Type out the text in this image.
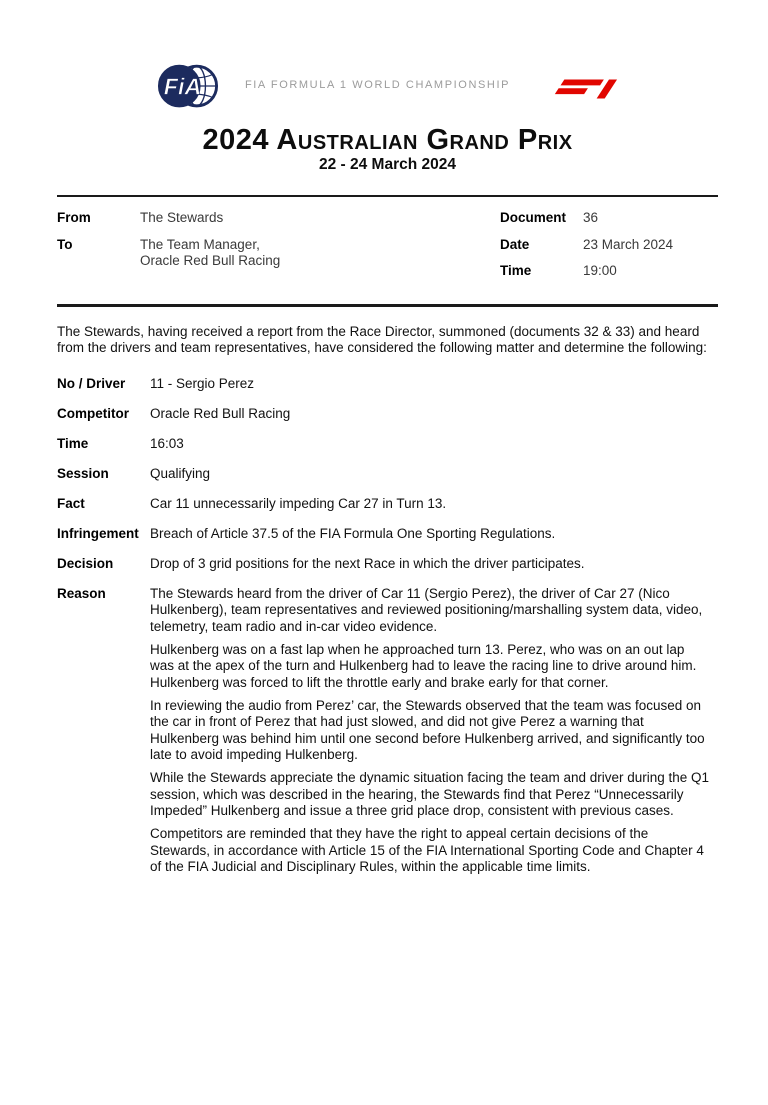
FiA	FIA FORMULA 1 WORLD CHAMPIONSHIP
2024 Australian Grand Prix
22 - 24 March 2024
From	The Stewards
To	The Team Manager,
Oracle Red Bull Racing
Document	36
Date	23 March 2024
Time	19:00

The Stewards, having received a report from the Race Director, summoned (documents 32 & 33) and heard from the drivers and team representatives, have considered the following matter and determine the following:

No / Driver	11 - Sergio Perez
Competitor	Oracle Red Bull Racing
Time	16:03
Session	Qualifying
Fact	Car 11 unnecessarily impeding Car 27 in Turn 13.
Infringement Breach of Article 37.5 of the FIA Formula One Sporting Regulations.
Decision	Drop of 3 grid positions for the next Race in which the driver participates.
Reason	The Stewards heard from the driver of Car 11 (Sergio Perez), the driver of Car 27 (Nico Hulkenberg), team representatives and reviewed positioning/marshalling system data, video, telemetry, team radio and in-car video evidence.

Hulkenberg was on a fast lap when he approached turn 13. Perez, who was on an out lap was at the apex of the turn and Hulkenberg had to leave the racing line to drive around him. Hulkenberg was forced to lift the throttle early and brake early for that corner.

In reviewing the audio from Perez’ car, the Stewards observed that the team was focused on the car in front of Perez that had just slowed, and did not give Perez a warning that Hulkenberg was behind him until one second before Hulkenberg arrived, and significantly too late to avoid impeding Hulkenberg.

While the Stewards appreciate the dynamic situation facing the team and driver during the Q1 session, which was described in the hearing, the Stewards find that Perez “Unnecessarily Impeded” Hulkenberg and issue a three grid place drop, consistent with previous cases.

Competitors are reminded that they have the right to appeal certain decisions of the Stewards, in accordance with Article 15 of the FIA International Sporting Code and Chapter 4 of the FIA Judicial and Disciplinary Rules, within the applicable time limits.
